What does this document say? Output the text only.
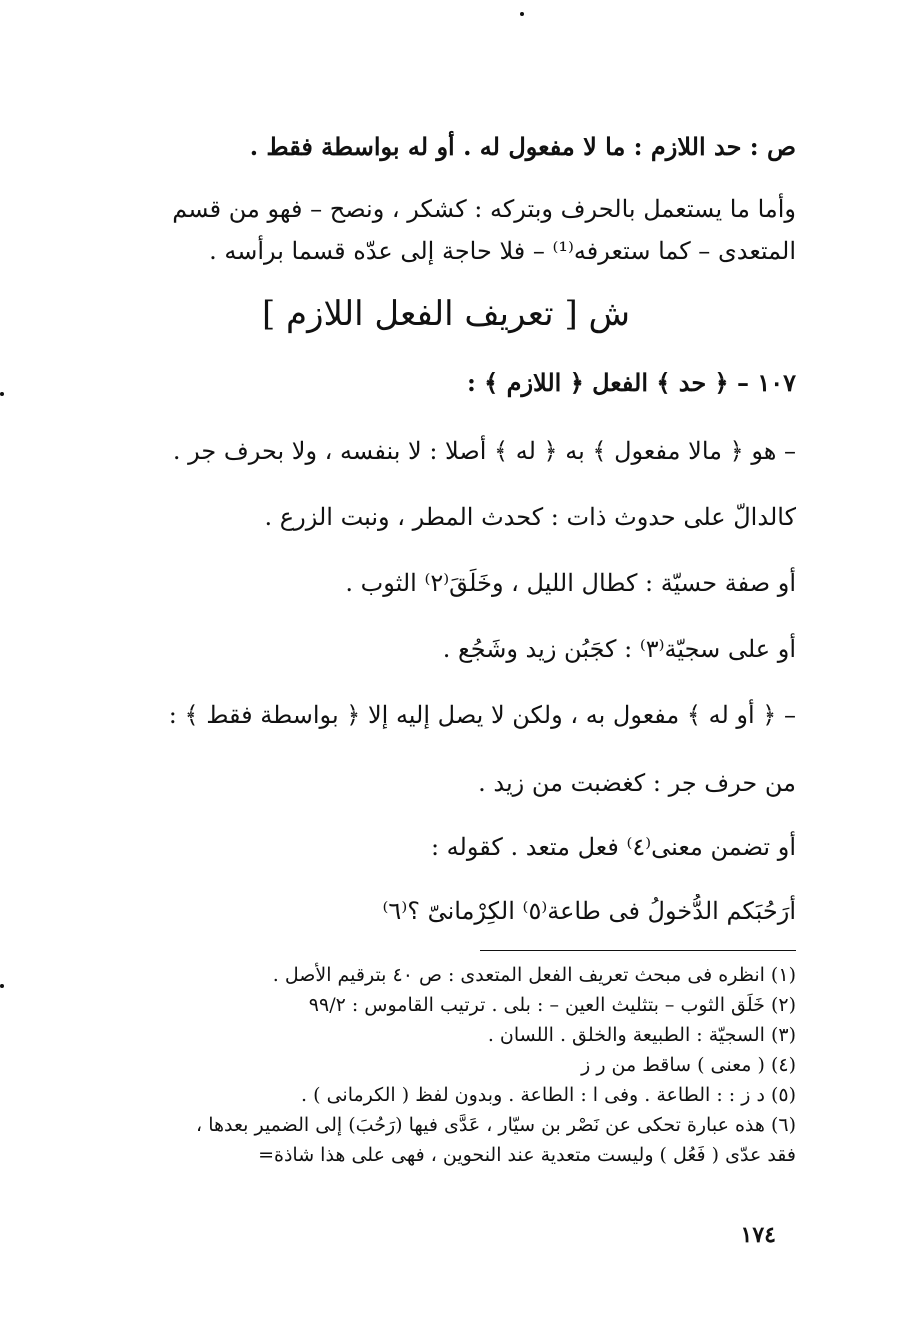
ص : حد اللازم : ما لا مفعول له . أو له بواسطة فقط .
وأما ما يستعمل بالحرف وبتركه : كشكر ، ونصح – فهو من قسم
المتعدى – كما ستعرفه⁽¹⁾ – فلا حاجة إلى عدّه قسما برأسه .
ش [ تعريف الفعل اللازم ]
١٠٧ – ﴿ حد ﴾ الفعل ﴿ اللازم ﴾ :
– هو ﴿ مالا مفعول ﴾ به ﴿ له ﴾ أصلا : لا بنفسه ، ولا بحرف جر .
كالدالّ على حدوث ذات : كحدث المطر ، ونبت الزرع .
أو صفة حسيّة : كطال الليل ، وخَلَقَ⁽٢⁾ الثوب .
أو على سجيّة⁽٣⁾ : كجَبُن زيد وشَجُع .
– ﴿ أو له ﴾ مفعول به ، ولكن لا يصل إليه إلا ﴿ بواسطة فقط ﴾ :
من حرف جر : كغضبت من زيد .
أو تضمن معنى⁽٤⁾ فعل متعد . كقوله :
أرَحُبَكم الدُّخولُ فى طاعة⁽٥⁾ الكِرْمانىّ ؟⁽٦⁾
(١) انظره فى مبحث تعريف الفعل المتعدى : ص ٤٠ بترقيم الأصل .
(٢) خَلَق الثوب – بتثليث العين – : بلى . ترتيب القاموس : ٩٩/٢
(٣) السجيّة : الطبيعة والخلق . اللسان .
(٤) ( معنى ) ساقط من ر ز
(٥) د ز : : الطاعة . وفى ا : الطاعة . وبدون لفظ ( الكرمانى ) .
(٦) هذه عبارة تحكى عن نَصْر بن سيّار ، عَدَّى فيها (رَحُبَ) إلى الضمير بعدها ،
فقد عدّى ( فَعُل ) وليست متعدية عند النحوين ، فهى على هذا شاذة=
١٧٤
